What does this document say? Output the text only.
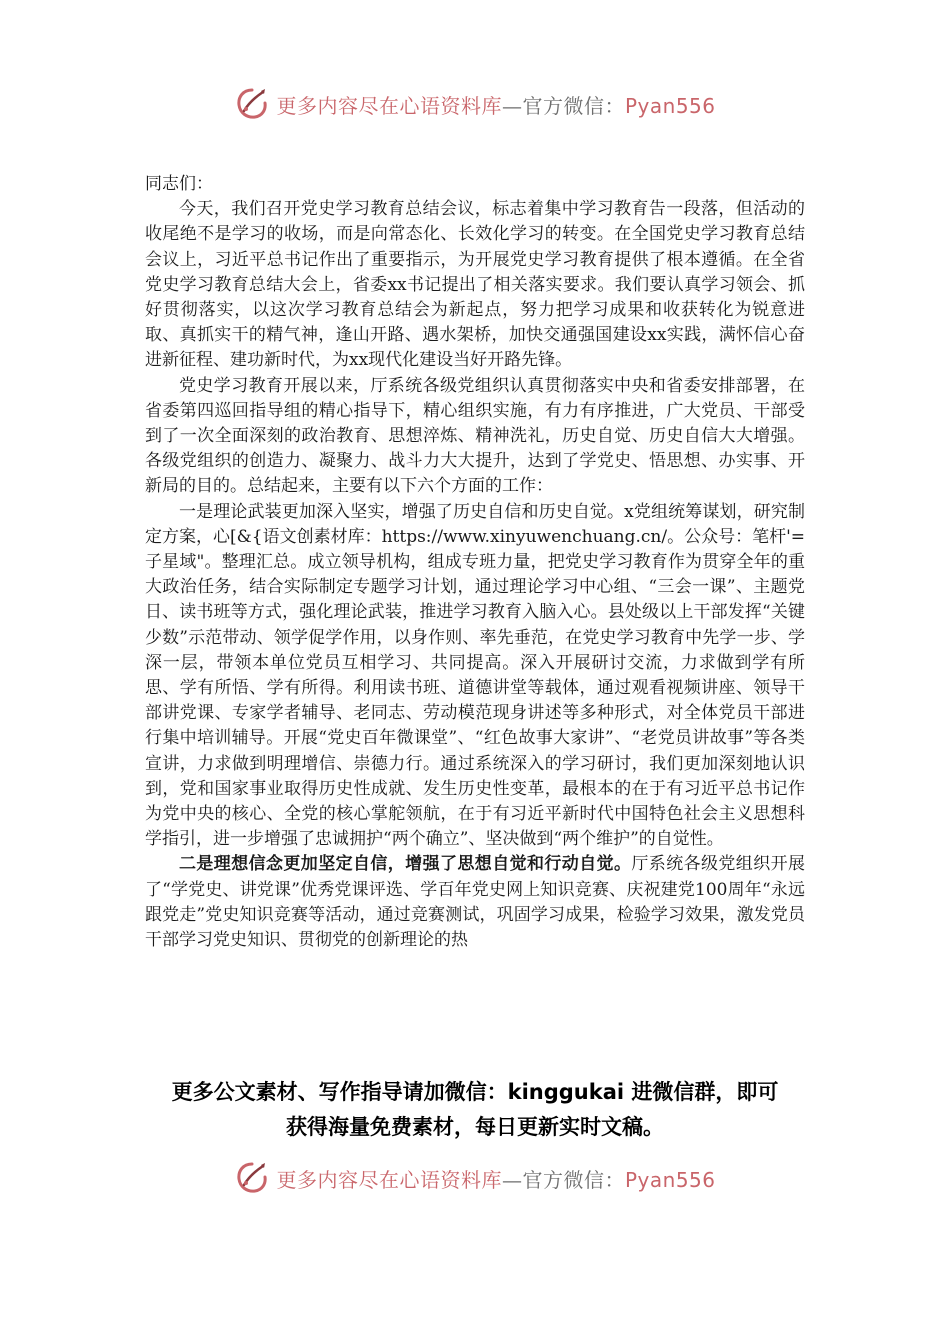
更多内容尽在心语资料库—官方微信：Pyan556

同志们：

今天，我们召开党史学习教育总结会议，标志着集中学习教育告一段落，但活动的收尾绝不是学习的收场，而是向常态化、长效化学习的转变。在全国党史学习教育总结会议上，习近平总书记作出了重要指示，为开展党史学习教育提供了根本遵循。在全省党史学习教育总结大会上，省委xx书记提出了相关落实要求。我们要认真学习领会、抓好贯彻落实，以这次学习教育总结会为新起点，努力把学习成果和收获转化为锐意进取、真抓实干的精气神，逢山开路、遇水架桥，加快交通强国建设xx实践，满怀信心奋进新征程、建功新时代，为xx现代化建设当好开路先锋。

党史学习教育开展以来，厅系统各级党组织认真贯彻落实中央和省委安排部署，在省委第四巡回指导组的精心指导下，精心组织实施，有力有序推进，广大党员、干部受到了一次全面深刻的政治教育、思想淬炼、精神洗礼，历史自觉、历史自信大大增强。各级党组织的创造力、凝聚力、战斗力大大提升，达到了学党史、悟思想、办实事、开新局的目的。总结起来，主要有以下六个方面的工作：

一是理论武装更加深入坚实，增强了历史自信和历史自觉。x党组统筹谋划，研究制定方案，心[&{语文创素材库：https://www.xinyuwenchuang.cn/。公众号：笔杆'=子星域"。整理汇总。成立领导机构，组成专班力量，把党史学习教育作为贯穿全年的重大政治任务，结合实际制定专题学习计划，通过理论学习中心组、“三会一课”、主题党日、读书班等方式，强化理论武装，推进学习教育入脑入心。县处级以上干部发挥“关键少数”示范带动、领学促学作用，以身作则、率先垂范，在党史学习教育中先学一步、学深一层，带领本单位党员互相学习、共同提高。深入开展研讨交流，力求做到学有所思、学有所悟、学有所得。利用读书班、道德讲堂等载体，通过观看视频讲座、领导干部讲党课、专家学者辅导、老同志、劳动模范现身讲述等多种形式，对全体党员干部进行集中培训辅导。开展“党史百年微课堂”、“红色故事大家讲”、“老党员讲故事”等各类宣讲，力求做到明理增信、崇德力行。通过系统深入的学习研讨，我们更加深刻地认识到，党和国家事业取得历史性成就、发生历史性变革，最根本的在于有习近平总书记作为党中央的核心、全党的核心掌舵领航，在于有习近平新时代中国特色社会主义思想科学指引，进一步增强了忠诚拥护“两个确立”、坚决做到“两个维护”的自觉性。

二是理想信念更加坚定自信，增强了思想自觉和行动自觉。厅系统各级党组织开展了“学党史、讲党课”优秀党课评选、学百年党史网上知识竞赛、庆祝建党100周年“永远跟党走”党史知识竞赛等活动，通过竞赛测试，巩固学习成果，检验学习效果，激发党员干部学习党史知识、贯彻党的创新理论的热

更多公文素材、写作指导请加微信：kinggukai 进微信群，即可
获得海量免费素材，每日更新实时文稿。
更多内容尽在心语资料库—官方微信：Pyan556
